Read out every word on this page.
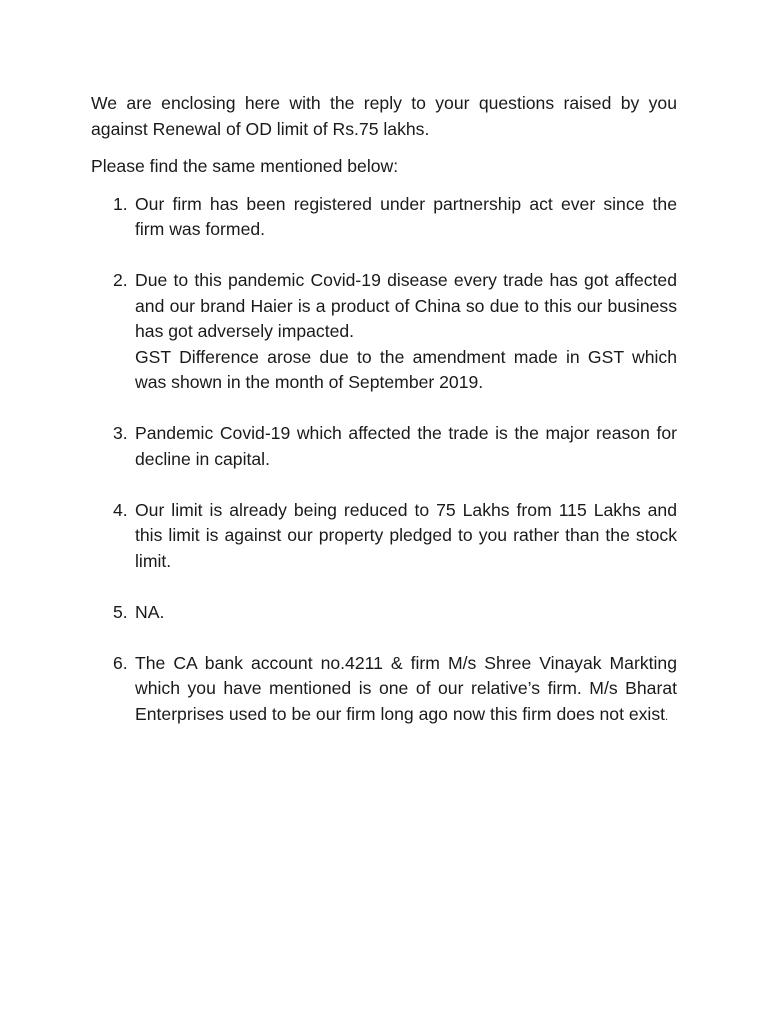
We are enclosing here with the reply to your questions raised by you against Renewal of OD limit of Rs.75 lakhs.

Please find the same mentioned below:

1. Our firm has been registered under partnership act ever since the firm was formed.
2. Due to this pandemic Covid-19 disease every trade has got affected and our brand Haier is a product of China so due to this our business has got adversely impacted.
GST Difference arose due to the amendment made in GST which was shown in the month of September 2019.
3. Pandemic Covid-19 which affected the trade is the major reason for decline in capital.
4. Our limit is already being reduced to 75 Lakhs from 115 Lakhs and this limit is against our property pledged to you rather than the stock limit.
5. NA.
6. The CA bank account no.4211 & firm M/s Shree Vinayak Markting which you have mentioned is one of our relative’s firm. M/s Bharat Enterprises used to be our firm long ago now this firm does not exist.
